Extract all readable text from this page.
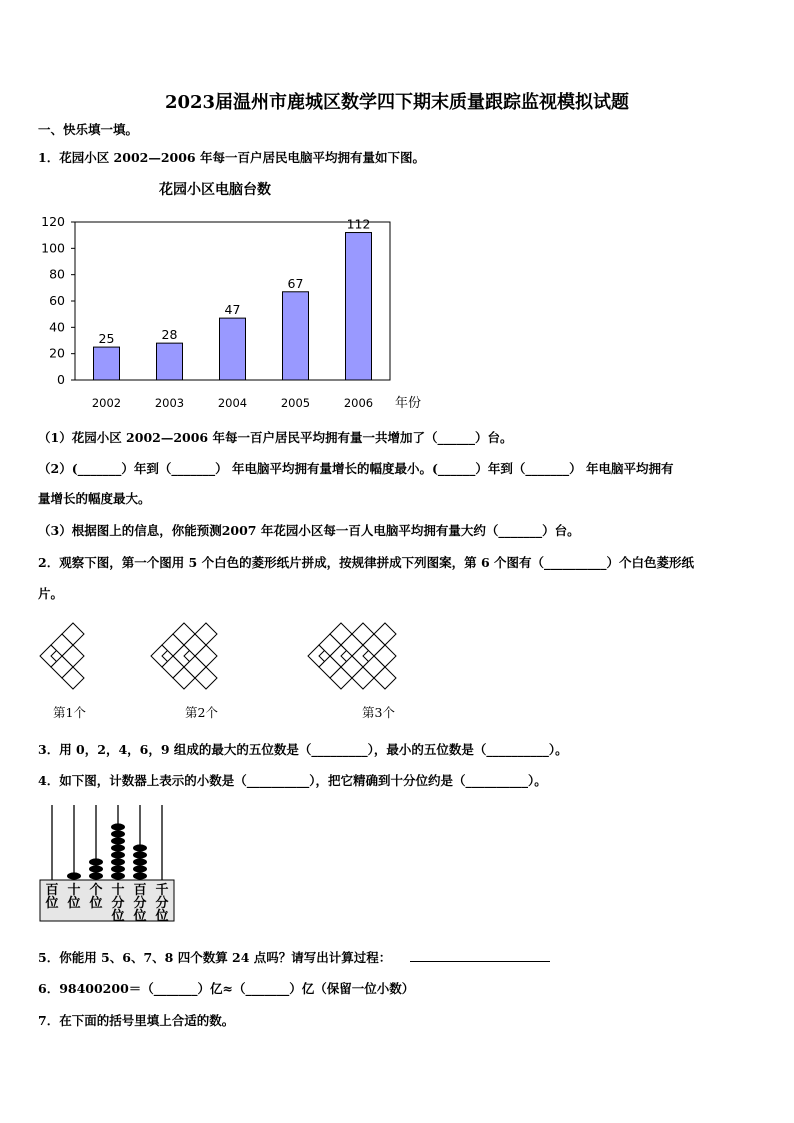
2023届温州市鹿城区数学四下期末质量跟踪监视模拟试题
一、快乐填一填。
1．花园小区 2002—2006 年每一百户居民电脑平均拥有量如下图。
花园小区电脑台数
0
20
40
60
80
100
120
25	28
47
67
112
2002	2003	2004	2005	2006 年份
（1）花园小区 2002—2006 年每一百户居民平均拥有量一共增加了（______）台。
（2）(_______）年到（_______） 年电脑平均拥有量增长的幅度最小。(______）年到（_______） 年电脑平均拥有
量增长的幅度最大。
（3）根据图上的信息，你能预测2007 年花园小区每一百人电脑平均拥有量大约（_______）台。
2．观察下图，第一个图用 5 个白色的菱形纸片拼成，按规律拼成下列图案，第 6 个图有（__________）个白色菱形纸
片。
第1个	第2个	第3个
3．用 0，2，4，6，9 组成的最大的五位数是（_________），最小的五位数是（__________）。
4．如下图，计数器上表示的小数是（__________），把它精确到十分位约是（__________）。
百
位
十
位
个
位
十
分
位
百
分
位
千
分
位
5．你能用 5、6、7、8 四个数算 24 点吗？请写出计算过程：
6．98400200＝（_______）亿≈（_______）亿（保留一位小数）
7．在下面的括号里填上合适的数。
